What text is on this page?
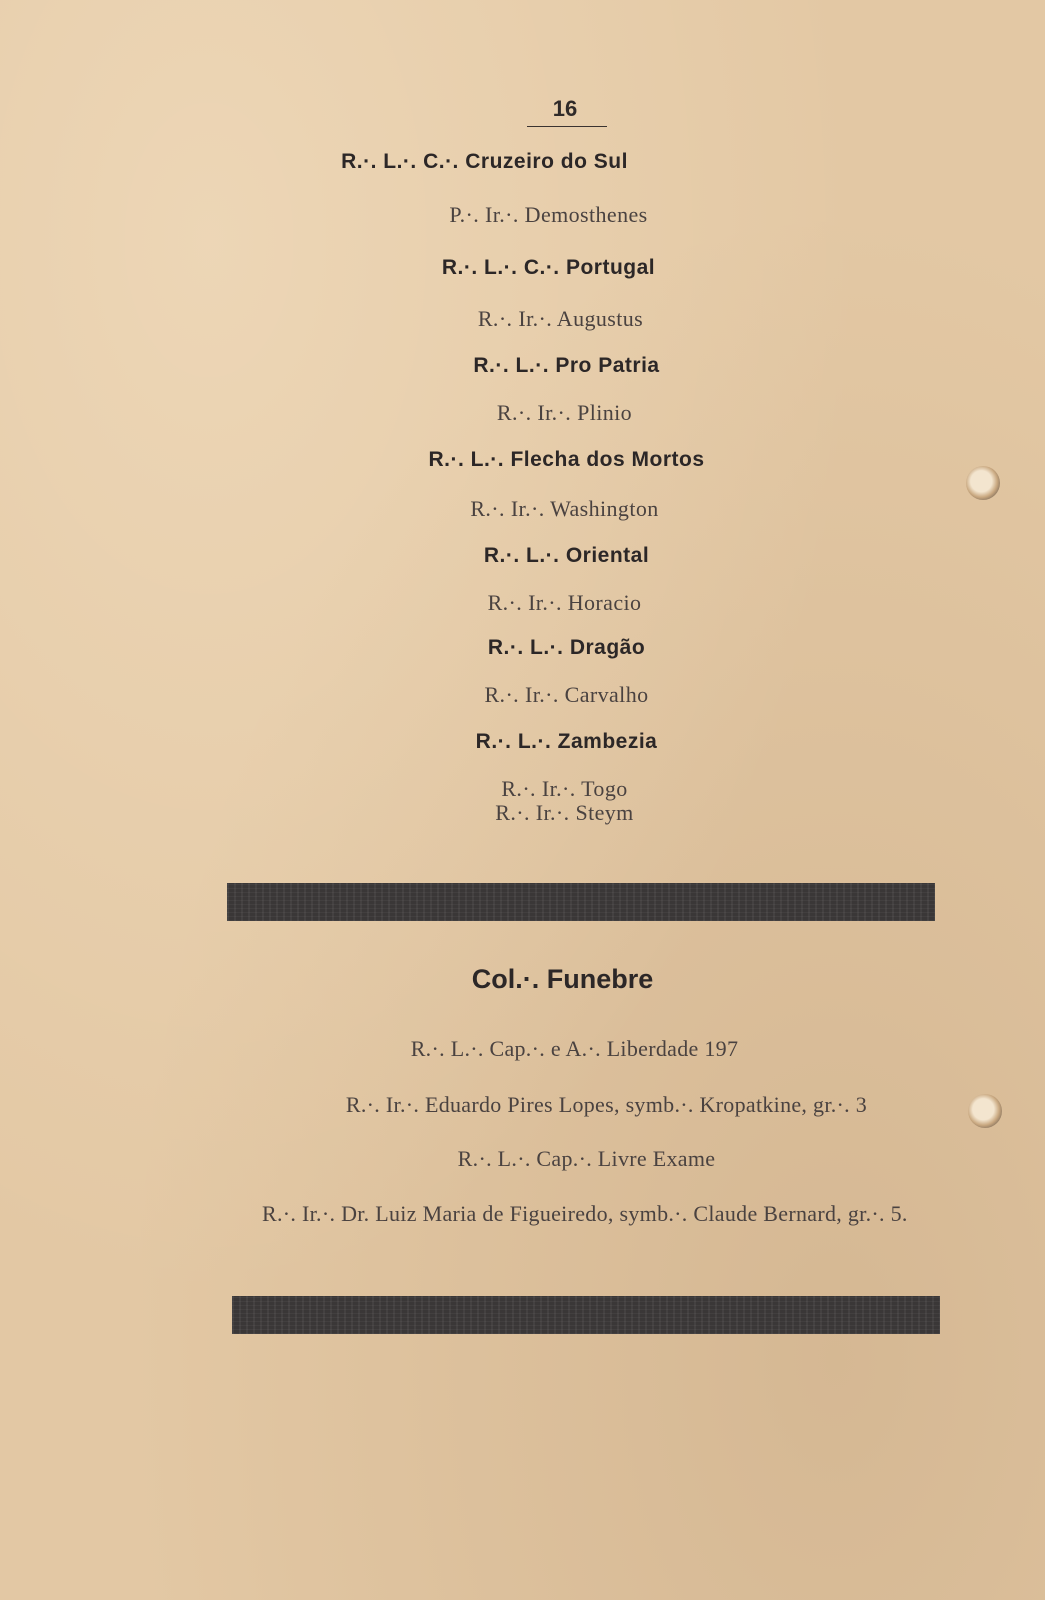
16
R.·. L.·. C.·. Cruzeiro do Sul
P.·. Ir.·. Demosthenes
R.·. L.·. C.·. Portugal
R.·. Ir.·. Augustus
R.·. L.·. Pro Patria
R.·. Ir.·. Plinio
R.·. L.·. Flecha dos Mortos
R.·. Ir.·. Washington
R.·. L.·. Oriental
R.·. Ir.·. Horacio
R.·. L.·. Dragão
R.·. Ir.·. Carvalho
R.·. L.·. Zambezia
R.·. Ir.·. Togo
R.·. Ir.·. Steym
Col.·. Funebre
R.·. L.·. Cap.·. e A.·. Liberdade 197
R.·. Ir.·. Eduardo Pires Lopes, symb.·. Kropatkine, gr.·. 3
R.·. L.·. Cap.·. Livre Exame
R.·. Ir.·. Dr. Luiz Maria de Figueiredo, symb.·. Claude Bernard, gr.·. 5.
